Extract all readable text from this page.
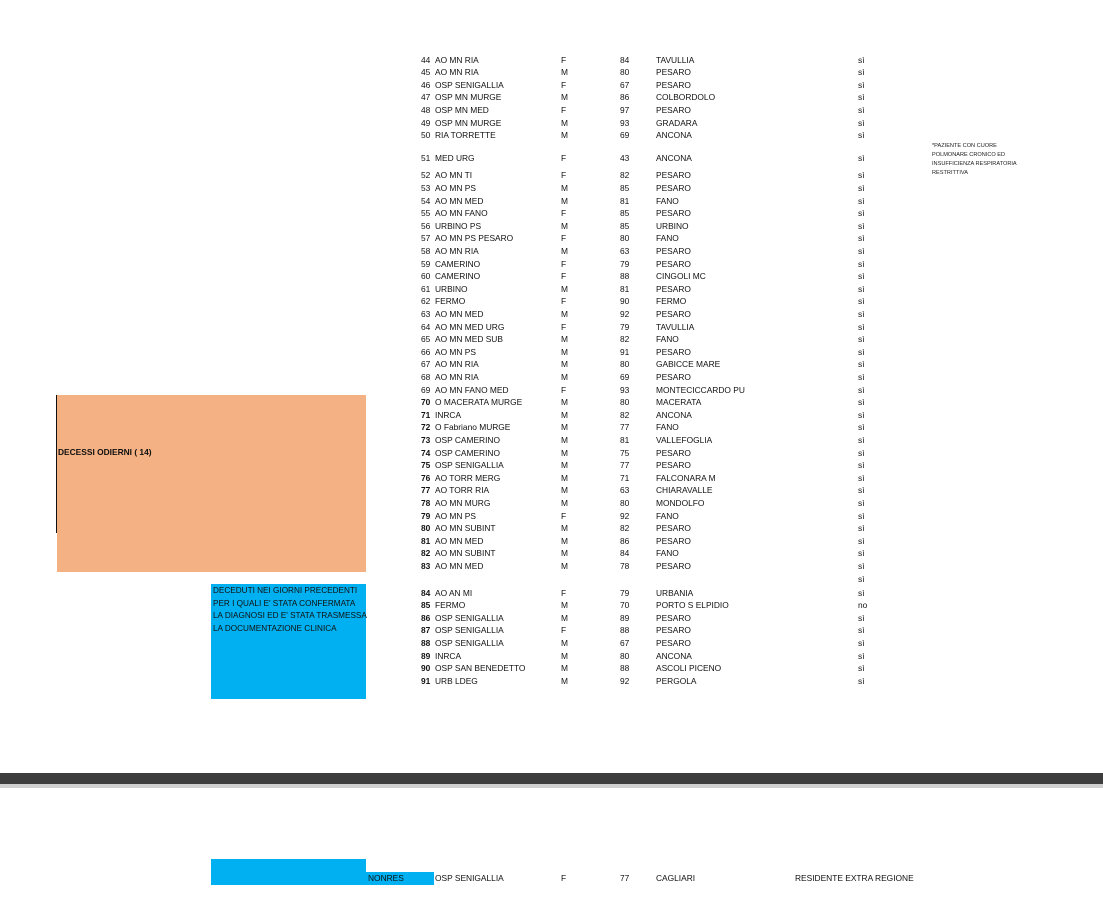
DECESSI ODIERNI ( 14)
DECEDUTI NEI GIORNI PRECEDENTI
PER I QUALI E' STATA CONFERMATA
LA DIAGNOSI ED E' STATA TRASMESSA
LA DOCUMENTAZIONE CLINICA
*PAZIENTE CON CUORE
POLMONARE CRONICO ED
INSUFFICIENZA RESPIRATORIA
RESTRITTIVA
44 AO MN RIA	F	84	TAVULLIA	sì
45 AO MN RIA	M	80	PESARO	sì
46 OSP SENIGALLIA	F	67	PESARO	sì
47 OSP MN MURGE	M	86	COLBORDOLO	sì
48 OSP MN MED	F	97	PESARO	sì
49 OSP MN MURGE	M	93	GRADARA	sì
50 RIA TORRETTE	M	69	ANCONA	sì
51 MED URG	F	43	ANCONA	sì
52 AO MN TI	F	82	PESARO	sì
53 AO MN PS	M	85	PESARO	sì
54 AO MN MED	M	81	FANO	sì
55 AO MN FANO	F	85	PESARO	sì
56 URBINO PS	M	85	URBINO	sì
57 AO MN PS PESARO	F	80	FANO	sì
58 AO MN RIA	M	63	PESARO	sì
59 CAMERINO	F	79	PESARO	sì
60 CAMERINO	F	88	CINGOLI MC	sì
61 URBINO	M	81	PESARO	sì
62 FERMO	F	90	FERMO	sì
63 AO MN MED	M	92	PESARO	sì
64 AO MN MED URG	F	79	TAVULLIA	sì
65 AO MN MED SUB	M	82	FANO	sì
66 AO MN PS	M	91	PESARO	sì
67 AO MN RIA	M	80	GABICCE MARE	sì
68 AO MN RIA	M	69	PESARO	sì
69 AO MN FANO MED	F	93	MONTECICCARDO PU	sì
70 O MACERATA MURGE	M	80	MACERATA	sì
71 INRCA	M	82	ANCONA	sì
72 O Fabriano MURGE	M	77	FANO	sì
73 OSP CAMERINO	M	81	VALLEFOGLIA	sì
74 OSP CAMERINO	M	75	PESARO	sì
75 OSP SENIGALLIA	M	77	PESARO	sì
76 AO TORR MERG	M	71	FALCONARA M	sì
77 AO TORR RIA	M	63	CHIARAVALLE	sì
78 AO MN MURG	M	80	MONDOLFO	sì
79 AO MN PS	F	92	FANO	sì
80 AO MN SUBINT	M	82	PESARO	sì
81 AO MN MED	M	86	PESARO	sì
82 AO MN SUBINT	M	84	FANO	sì
83 AO MN MED	M	78	PESARO	sì
sì
84 AO AN MI	F	79	URBANIA	sì
85 FERMO	M	70	PORTO S ELPIDIO	no
86 OSP SENIGALLIA	M	89	PESARO	sì
87 OSP SENIGALLIA	F	88	PESARO	sì
88 OSP SENIGALLIA	M	67	PESARO	sì
89 INRCA	M	80	ANCONA	sì
90 OSP SAN BENEDETTO	M	88	ASCOLI PICENO	sì
91 URB LDEG	M	92	PERGOLA	sì
NONRES	OSP SENIGALLIA	F	77	CAGLIARI	RESIDENTE EXTRA REGIONE
